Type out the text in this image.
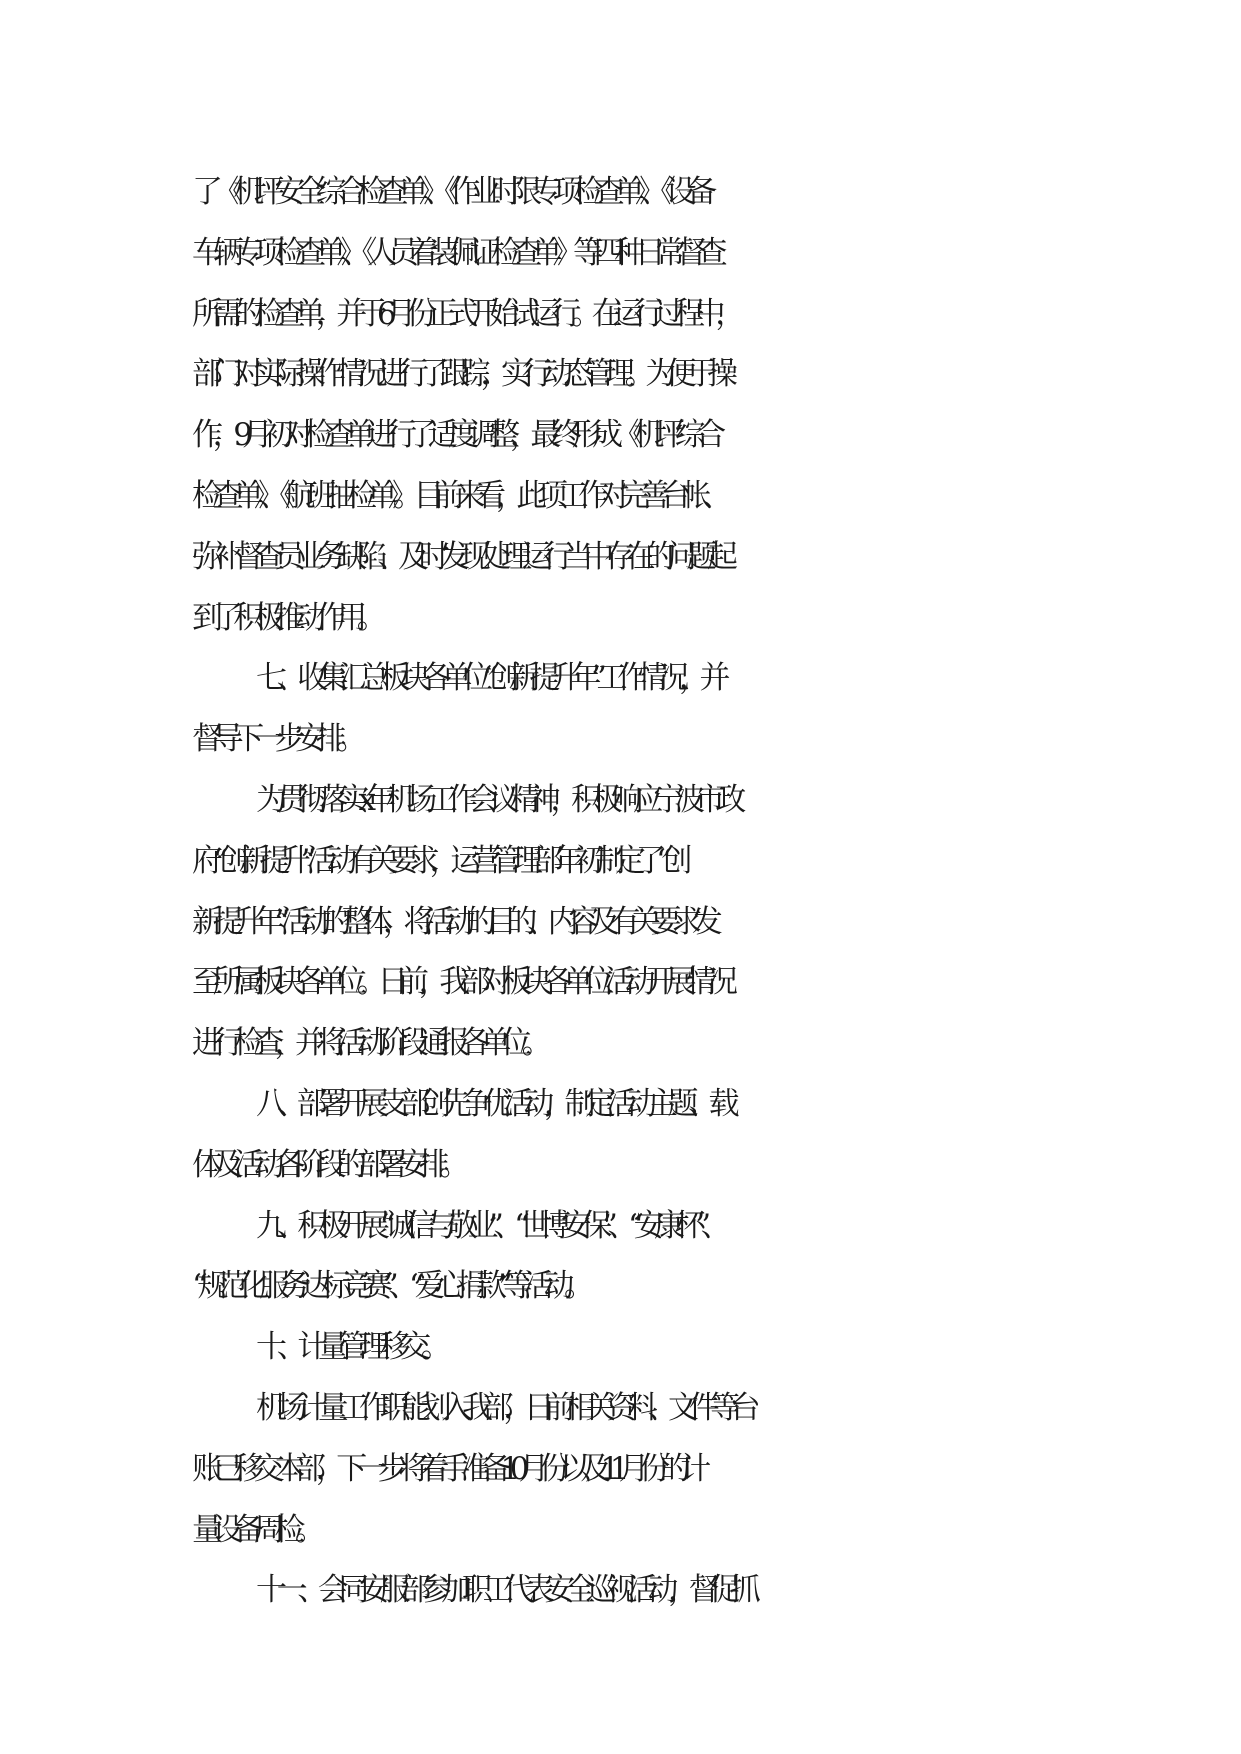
了《机坪安全综合检查单》、《作业时限专项检查单》、《设备
车辆专项检查单》、《人员着装佩证检查单》等四种日常督查
所需的检查单，并于 6 月份正式开始试运行。在运行过程中，
部门对实际操作情况进行了跟踪，实行动态管理。为便于操
作，9 月初对检查单进行了适度调整，最终形成《机坪综合
检查单》、《航班抽检单》。目前来看，此项工作对完善台帐、
弥补督查员业务缺陷、及时发现处理运行当中存在的问题起
到了积极推动作用。
七、收集汇总板块各单位“创新提升年”工作情况，并
督导下一步安排。
为贯彻落实 x 年机场工作会议精神，积极响应宁波市政
府“创新提升”活动有关要求，运营管理部年初制定了“创
新提升年”活动的整体，将活动的目的、内容及有关要求发
至所属板块各单位。日前，我部对板块各单位活动开展情况
进行检查，并将活动阶段通报各单位。
八、 部署开展支部创先争优活动，制定活动主题、载
体及活动各阶段的部署安排。
九、积极开展“诚信与敬业”、“世博安保”、“安康杯”、
“规范化服务达标竞赛”、“爱心捐款”等活动。
十、计量管理移交。
机场计量工作职能划入我部，日前相关资料、文件等台
账已移交本部，下一步将着手准备 10 月份以及 11 月份的计
量设备周检。
十一、会同安服部参加职工代表安全巡视活动，督促抓
